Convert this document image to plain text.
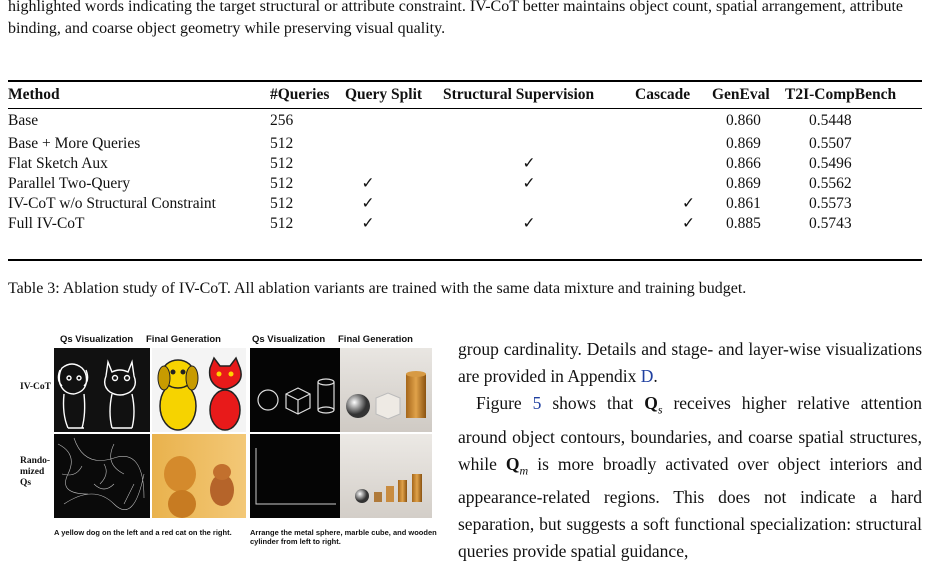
highlighted words indicating the target structural or attribute constraint. IV-CoT better maintains object count, spatial arrangement, attribute binding, and coarse object geometry while preserving visual quality.
Method	#Queries	Query Split	Structural Supervision	Cascade	GenEval	T2I-CompBench
Base	256				0.860	0.5448
Base + More Queries	512				0.869	0.5507
Flat Sketch Aux	512		✓		0.866	0.5496
Parallel Two-Query	512	✓	✓		0.869	0.5562
IV-CoT w/o Structural Constraint	512	✓		✓	0.861	0.5573
Full IV-CoT	512	✓	✓	✓	0.885	0.5743
Table 3: Ablation study of IV-CoT. All ablation variants are trained with the same data mixture and training budget.
Qs Visualization Final Generation	Qs Visualization Final Generation
IV-CoT
Rando-mized Qs
A yellow dog on the left and a red cat on the right.	Arrange the metal sphere, marble cube, and wooden cylinder from left to right.

group cardinality. Details and stage- and layer-wise visualizations are provided in Appendix D.

Figure 5 shows that $Q_s$ receives higher relative attention around object contours, boundaries, and coarse spatial structures, while $Q_m$ is more broadly activated over object interiors and appearance-related regions. This does not indicate a hard separation, but suggests a soft functional specialization: structural queries provide spatial guidance,
